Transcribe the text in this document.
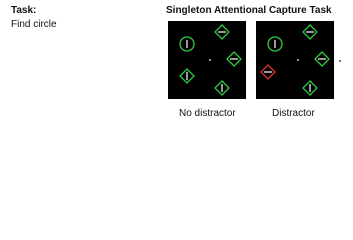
Task:
Find circle
Singleton Attentional Capture Task
No distractor	Distractor
